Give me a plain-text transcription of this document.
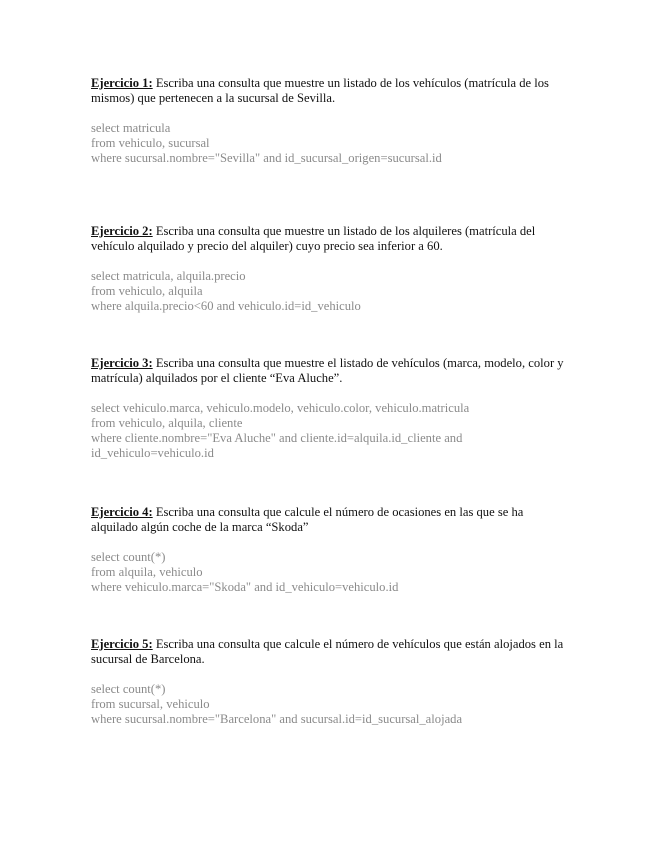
Ejercicio 1: Escriba una consulta que muestre un listado de los vehículos (matrícula de los mismos) que pertenecen a la sucursal de Sevilla.

select matricula
from vehiculo, sucursal
where sucursal.nombre="Sevilla" and id_sucursal_origen=sucursal.id

Ejercicio 2: Escriba una consulta que muestre un listado de los alquileres (matrícula del vehículo alquilado y precio del alquiler) cuyo precio sea inferior a 60.

select matricula, alquila.precio
from vehiculo, alquila
where alquila.precio<60 and vehiculo.id=id_vehiculo

Ejercicio 3: Escriba una consulta que muestre el listado de vehículos (marca, modelo, color y matrícula) alquilados por el cliente “Eva Aluche”.

select vehiculo.marca, vehiculo.modelo, vehiculo.color, vehiculo.matricula
from vehiculo, alquila, cliente
where cliente.nombre="Eva Aluche" and cliente.id=alquila.id_cliente and
id_vehiculo=vehiculo.id

Ejercicio 4: Escriba una consulta que calcule el número de ocasiones en las que se ha alquilado algún coche de la marca “Skoda”

select count(*)
from alquila, vehiculo
where vehiculo.marca="Skoda" and id_vehiculo=vehiculo.id

Ejercicio 5: Escriba una consulta que calcule el número de vehículos que están alojados en la sucursal de Barcelona.

select count(*)
from sucursal, vehiculo
where sucursal.nombre="Barcelona" and sucursal.id=id_sucursal_alojada
